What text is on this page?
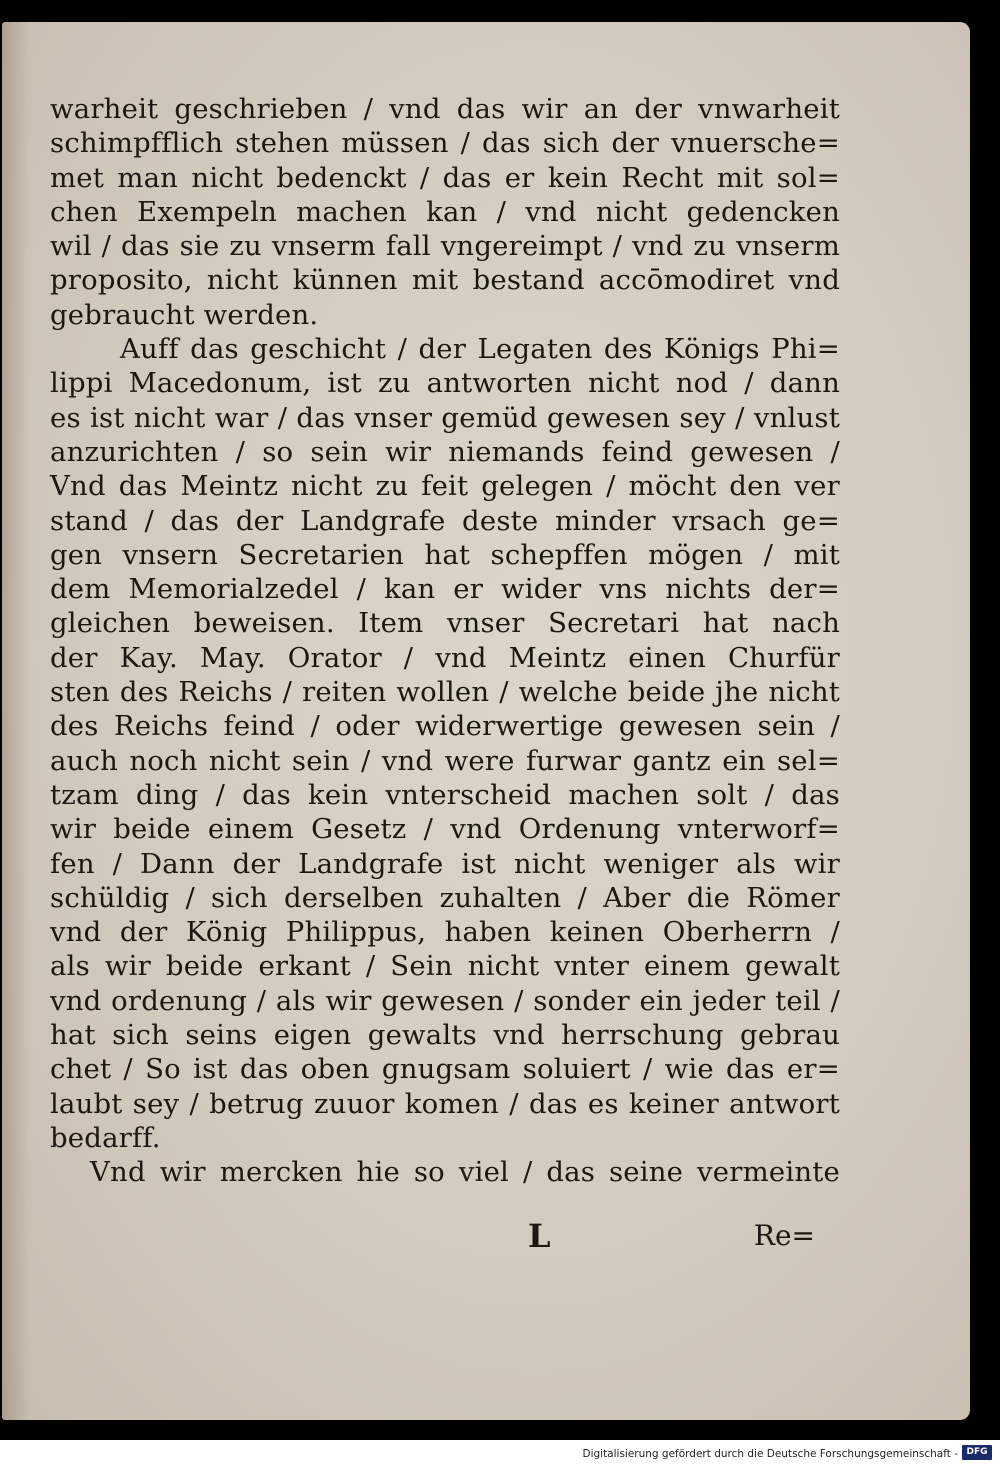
warheit geschrieben / vnd das wir an der vnwarheit
schimpfflich stehen müssen / das sich der vnuersche=
met man nicht bedenckt / das er kein Recht mit sol=
chen Exempeln machen kan / vnd nicht gedencken
wil / das sie zu vnserm fall vngereimpt / vnd zu vnserm
proposito, nicht künnen mit bestand accōmodiret vnd
gebraucht werden.
Auff das geschicht / der Legaten des Königs Phi=
lippi Macedonum, ist zu antworten nicht nod / dann
es ist nicht war / das vnser gemüd gewesen sey / vnlust
anzurichten / so sein wir niemands feind gewesen /
Vnd das Meintz nicht zu feit gelegen / möcht den ver
stand / das der Landgrafe deste minder vrsach ge=
gen vnsern Secretarien hat schepffen mögen / mit
dem Memorialzedel / kan er wider vns nichts der=
gleichen beweisen. Item vnser Secretari hat nach
der Kay. May. Orator / vnd Meintz einen Churfür
sten des Reichs / reiten wollen / welche beide jhe nicht
des Reichs feind / oder widerwertige gewesen sein /
auch noch nicht sein / vnd were furwar gantz ein sel=
tzam ding / das kein vnterscheid machen solt / das
wir beide einem Gesetz / vnd Ordenung vnterworf=
fen / Dann der Landgrafe ist nicht weniger als wir
schüldig / sich derselben zuhalten / Aber die Römer
vnd der König Philippus, haben keinen Oberherrn /
als wir beide erkant / Sein nicht vnter einem gewalt
vnd ordenung / als wir gewesen / sonder ein jeder teil /
hat sich seins eigen gewalts vnd herrschung gebrau
chet / So ist das oben gnugsam soluiert / wie das er=
laubt sey / betrug zuuor komen / das es keiner antwort
bedarff.
Vnd wir mercken hie so viel / das seine vermeinte
L	Re=
Digitalisierung gefördert durch die Deutsche Forschungsgemeinschaft - DFG
